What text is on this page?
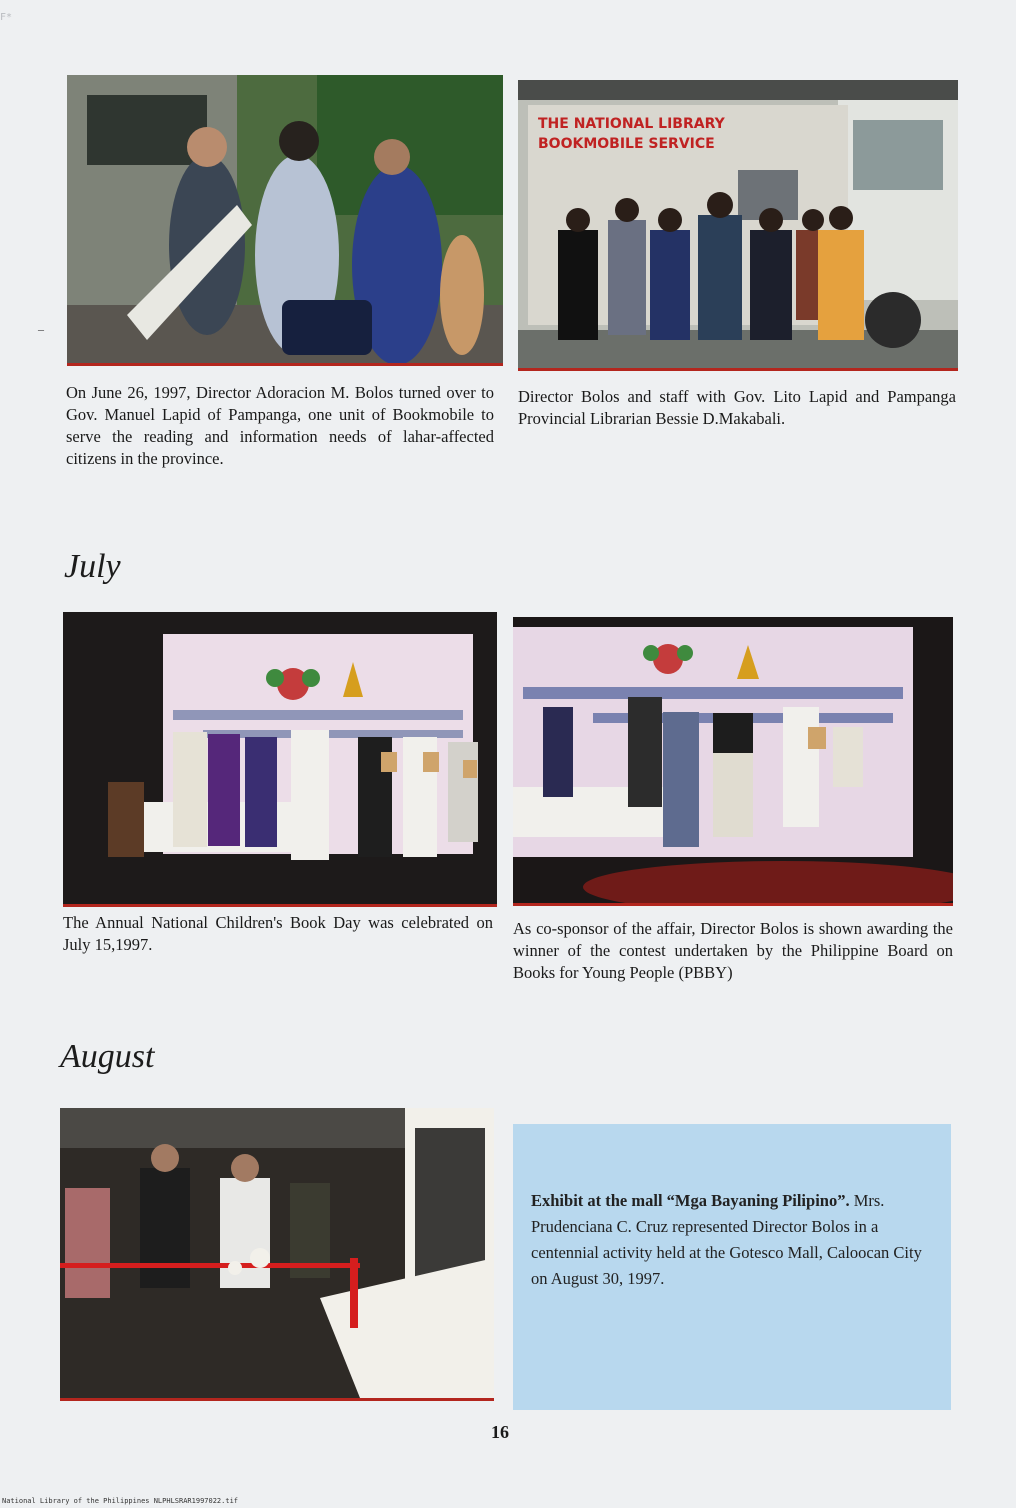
F*
–
THE NATIONAL LIBRARY
BOOKMOBILE SERVICE

On June 26, 1997, Director Adoracion M. Bolos turned over to Gov. Manuel Lapid of Pampanga, one unit of Bookmobile to serve the reading and information needs of lahar-affected citizens in the province.

Director Bolos and staff with Gov. Lito Lapid and Pampanga Provincial Librarian Bessie D.Makabali.

July

The Annual National Children's Book Day was celebrated on July 15,1997.

As co-sponsor of the affair, Director Bolos is shown awarding the winner of the contest undertaken by the Philippine Board on Books for Young People (PBBY)

August
Exhibit at the mall “Mga Bayaning Pilipino”. Mrs. Prudenciana C. Cruz represented Director Bolos in a centennial activity held at the Gotesco Mall, Caloocan City on August 30, 1997.
16
National Library of the Philippines NLPHLSRAR1997022.tif
